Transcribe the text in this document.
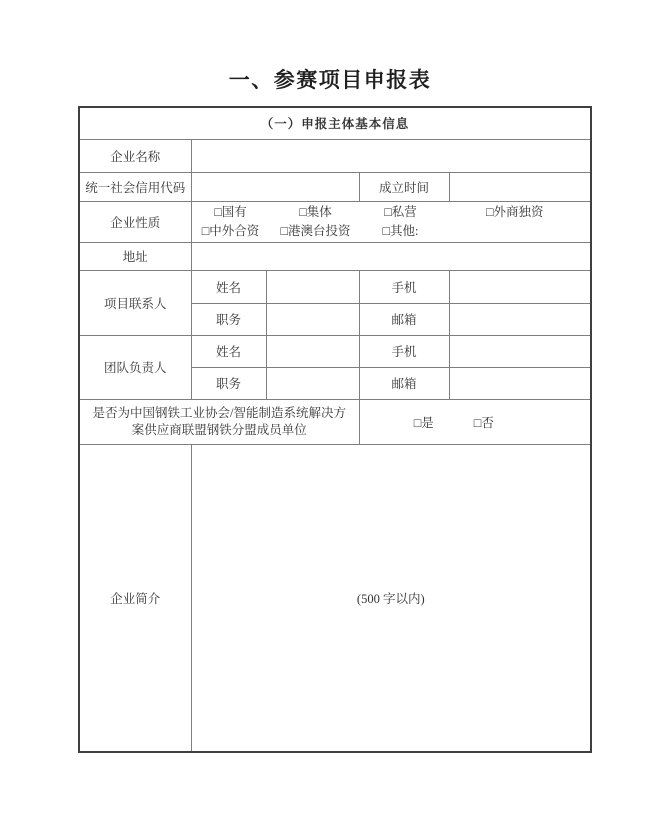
一、参赛项目申报表
（一）申报主体基本信息				
企业名称				
统一社会信用代码			成立时间	
企业性质	
□国有	□集体	□私营	□外商独资
□中外合资	□港澳台投资	□其他:

地址				
项目联系人	姓名		手机	
	职务		邮箱	
团队负责人	姓名		手机	
	职务		邮箱	

是否为中国钢铁工业协会/智能制造系统解决方
案供应商联盟钢铁分盟成员单位	□是	□否

企业简介	(500 字以内)			
